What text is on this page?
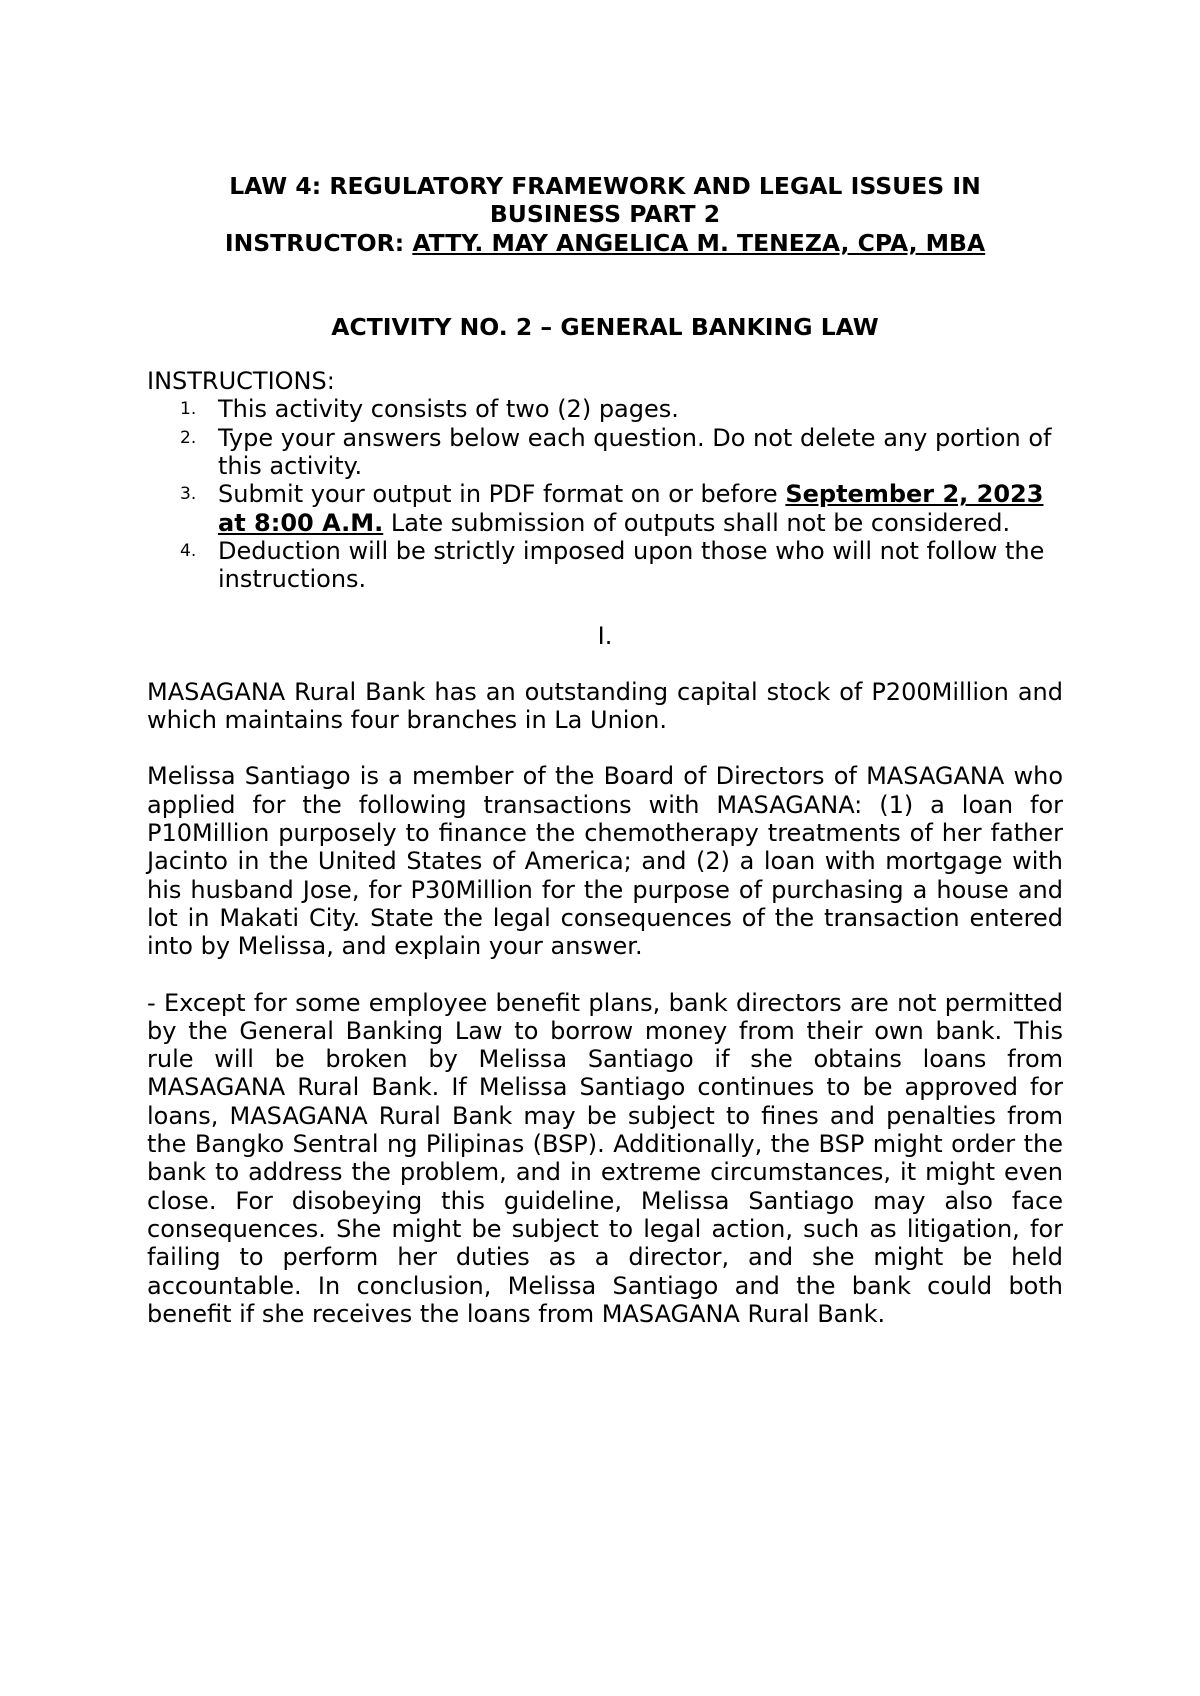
LAW 4: REGULATORY FRAMEWORK AND LEGAL ISSUES IN

BUSINESS PART 2

INSTRUCTOR: ATTY. MAY ANGELICA M. TENEZA, CPA, MBA

ACTIVITY NO. 2 – GENERAL BANKING LAW

INSTRUCTIONS:

1. This activity consists of two (2) pages.
2. Type your answers below each question. Do not delete any portion of this activity.
3. Submit your output in PDF format on or before September 2, 2023 at 8:00 A.M. Late submission of outputs shall not be considered.
4. Deduction will be strictly imposed upon those who will not follow the instructions.

I.

MASAGANA Rural Bank has an outstanding capital stock of P200Million and which maintains four branches in La Union.

Melissa Santiago is a member of the Board of Directors of MASAGANA who applied for the following transactions with MASAGANA: (1) a loan for P10Million purposely to finance the chemotherapy treatments of her father Jacinto in the United States of America; and (2) a loan with mortgage with his husband Jose, for P30Million for the purpose of purchasing a house and lot in Makati City. State the legal consequences of the transaction entered into by Melissa, and explain your answer.

- Except for some employee benefit plans, bank directors are not permitted by the General Banking Law to borrow money from their own bank. This rule will be broken by Melissa Santiago if she obtains loans from MASAGANA Rural Bank. If Melissa Santiago continues to be approved for loans, MASAGANA Rural Bank may be subject to fines and penalties from the Bangko Sentral ng Pilipinas (BSP). Additionally, the BSP might order the bank to address the problem, and in extreme circumstances, it might even close. For disobeying this guideline, Melissa Santiago may also face consequences. She might be subject to legal action, such as litigation, for failing to perform her duties as a director, and she might be held accountable. In conclusion, Melissa Santiago and the bank could both benefit if she receives the loans from MASAGANA Rural Bank.
